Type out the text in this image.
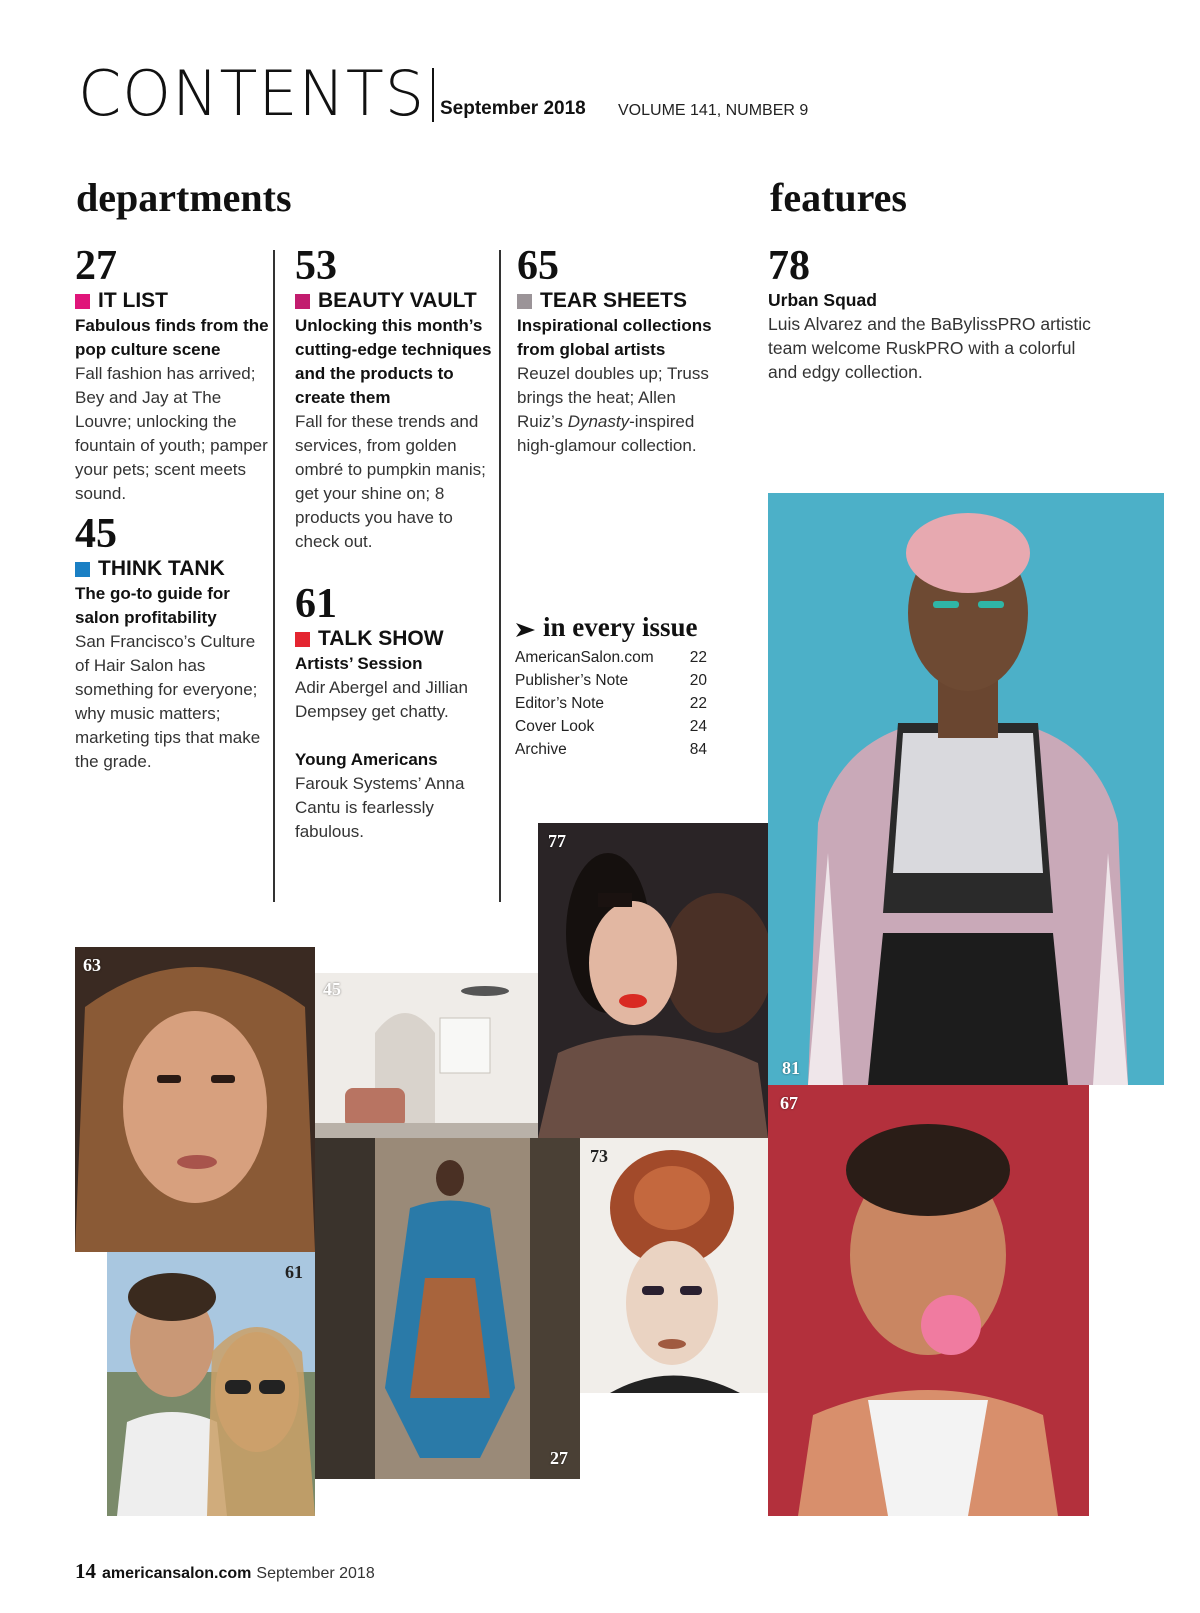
CONTENTS September 2018 VOLUME 141, NUMBER 9
departments	features
27
IT LIST
Fabulous finds from the pop culture scene
Fall fashion has arrived; Bey and Jay at The Louvre; unlocking the fountain of youth; pamper your pets; scent meets sound.
45
THINK TANK
The go-to guide for salon profitability
San Francisco’s Culture of Hair Salon has something for everyone; why music matters; marketing tips that make the grade.
53
BEAUTY VAULT
Unlocking this month’s cutting-edge techniques and the products to create them
Fall for these trends and services, from golden ombré to pumpkin manis; get your shine on; 8 products you have to check out.
61
TALK SHOW
Artists’ Session
Adir Abergel and Jillian Dempsey get chatty.
Young Americans
Farouk Systems’ Anna Cantu is fearlessly fabulous.
65
TEAR SHEETS
Inspirational collections from global artists
Reuzel doubles up; Truss brings the heat; Allen Ruiz’s Dynasty-inspired high-glamour collection.
in every issue
AmericanSalon.com 22
Publisher’s Note	20
Editor’s Note	22
Cover Look	24
Archive	84
78
Urban Squad
Luis Alvarez and the BaBylissPRO artistic team welcome RuskPRO with a colorful and edgy collection.
81
77
67
63
45
61
27
73
14 americansalon.com September 2018
